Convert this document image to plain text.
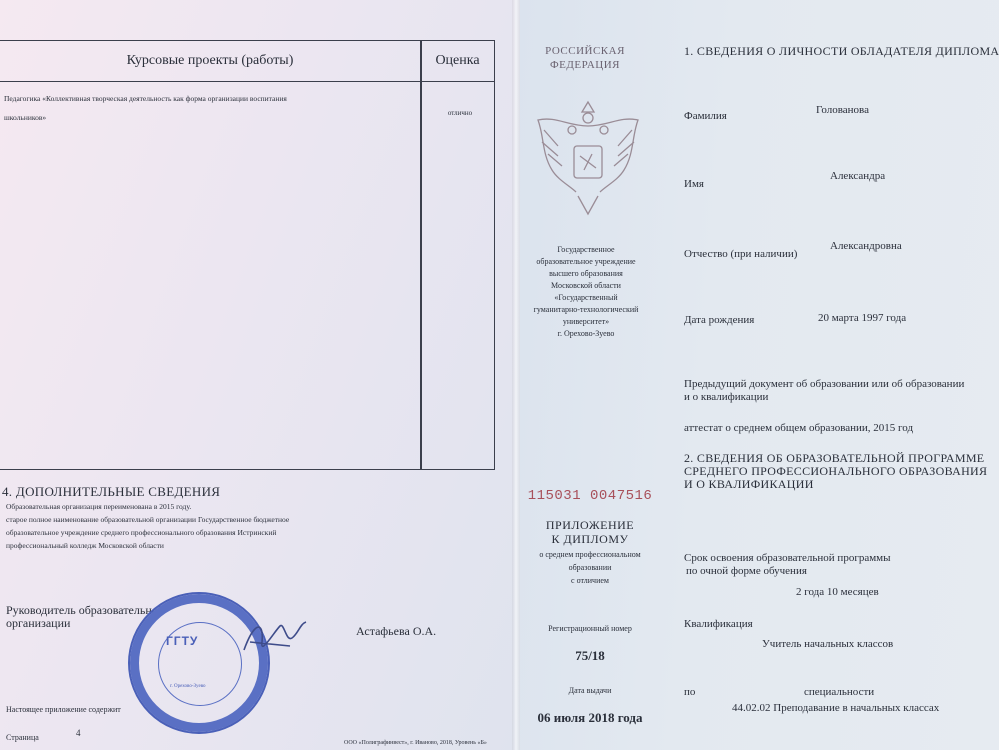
Курсовые проекты (работы)	Оценка
Педагогика «Коллективная творческая деятельность как форма организации воспитания
школьников»	отлично
4. ДОПОЛНИТЕЛЬНЫЕ СВЕДЕНИЯ
Образовательная организация переименована в 2015 году.
старое полное наименование образовательной организации Государственное бюджетное
образовательное учреждение среднего профессионального образования Истринский
профессиональный колледж Московской области
Руководитель образовательной
организации
ГГТУ
г. Орехово-Зуево
Астафьева О.А.
Настоящее приложение содержит
Страница	4
ООО «Полиграфинвест», г. Иваново, 2018, Уровень «Б»
РОССИЙСКАЯ
ФЕДЕРАЦИЯ
Государственное
образовательное учреждение
высшего образования
Московской области
«Государственный
гуманитарно-технологический
университет»
г. Орехово-Зуево
115031 0047516
ПРИЛОЖЕНИЕ
К ДИПЛОМУ
о среднем профессиональном
образовании
с отличием
Регистрационный номер
75/18
Дата выдачи
06 июля 2018 года
1. СВЕДЕНИЯ О ЛИЧНОСТИ ОБЛАДАТЕЛЯ ДИПЛОМА
Фамилия	Голованова
Имя
Александра
Отчество (при наличии)
Александровна
Дата рождения	20 марта 1997 года
Предыдущий документ об образовании или об образовании
и о квалификации
аттестат о среднем общем образовании, 2015 год
2. СВЕДЕНИЯ ОБ ОБРАЗОВАТЕЛЬНОЙ ПРОГРАММЕ
СРЕДНЕГО ПРОФЕССИОНАЛЬНОГО ОБРАЗОВАНИЯ
И О КВАЛИФИКАЦИИ
Срок освоения образовательной программы
по очной форме обучения
2 года 10 месяцев
Квалификация
Учитель начальных классов
по	специальности
44.02.02 Преподавание в начальных классах
